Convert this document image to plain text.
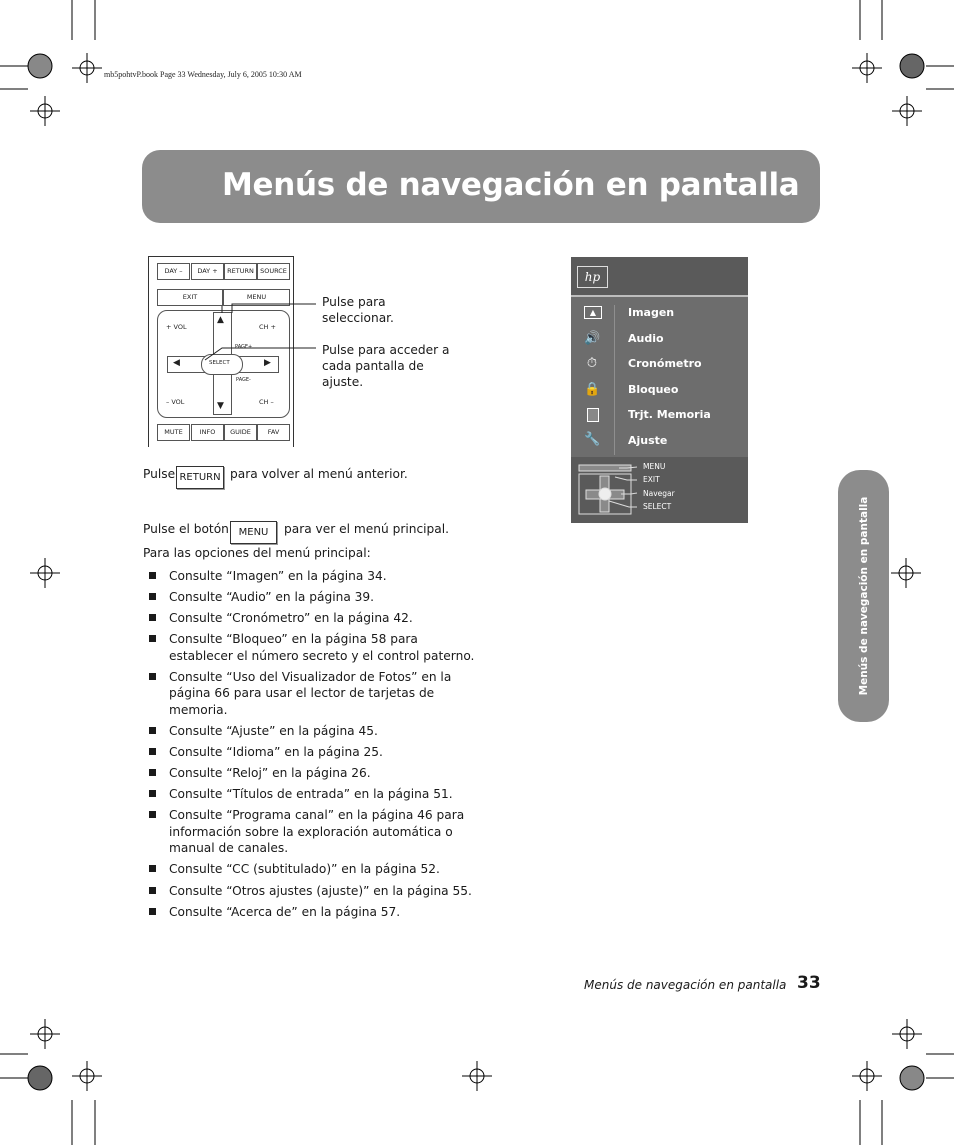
mb5pohtvP.book Page 33 Wednesday, July 6, 2005 10:30 AM
Menús de navegación en pantalla
Menús de navegación en pantalla
DAY –	DAY +	RETURN SOURCE
EXIT	MENU
▲
▼
◀	▶
+ VOL	CH +
PAGE+
SELECT
PAGE-
– VOL	CH –
MUTE	INFO	GUIDE	FAV
Pulse para seleccionar.
Pulse para acceder a cada pantalla de ajuste.
Pulse RETURN para volver al menú anterior.
Pulse el botón MENU	para ver el menú principal.
Para las opciones del menú principal:
Consulte “Imagen” en la página 34.
Consulte “Audio” en la página 39.
Consulte “Cronómetro” en la página 42.
Consulte “Bloqueo” en la página 58 para establecer el número secreto y el control paterno.
Consulte “Uso del Visualizador de Fotos” en la página 66 para usar el lector de tarjetas de memoria.
Consulte “Ajuste” en la página 45.
Consulte “Idioma” en la página 25.
Consulte “Reloj” en la página 26.
Consulte “Títulos de entrada” en la página 51.
Consulte “Programa canal” en la página 46 para información sobre la exploración automática o manual de canales.
Consulte “CC (subtitulado)” en la página 52.
Consulte “Otros ajustes (ajuste)” en la página 55.
Consulte “Acerca de” en la página 57.
hp
▲
🔊
⏱
🔒
🔧
Imagen
Audio
Cronómetro
Bloqueo
Trjt. Memoria
Ajuste
MENU
EXIT
Navegar
SELECT
Menús de navegación en pantalla 33
